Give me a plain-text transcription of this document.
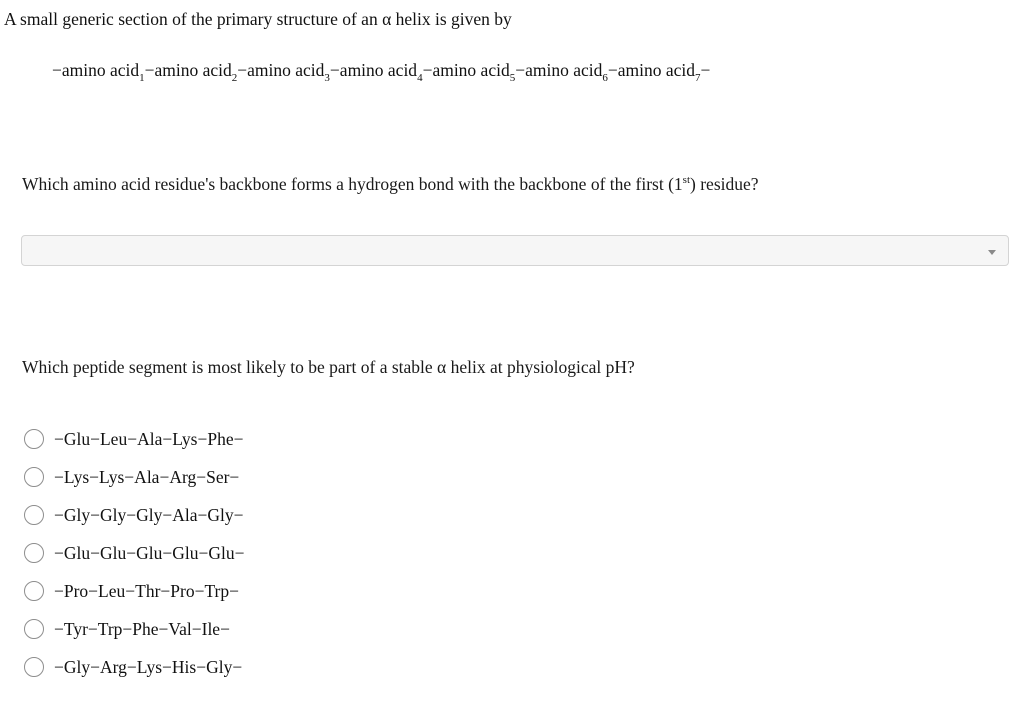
A small generic section of the primary structure of an α helix is given by
−amino acid$_1$−amino acid$_2$−amino acid$_3$−amino acid$_4$−amino acid$_5$−amino acid$_6$−amino acid$_7$−
Which amino acid residue's backbone forms a hydrogen bond with the backbone of the first (1st) residue?
Which peptide segment is most likely to be part of a stable α helix at physiological pH?
−Glu−Leu−Ala−Lys−Phe−
−Lys−Lys−Ala−Arg−Ser−
−Gly−Gly−Gly−Ala−Gly−
−Glu−Glu−Glu−Glu−Glu−
−Pro−Leu−Thr−Pro−Trp−
−Tyr−Trp−Phe−Val−Ile−
−Gly−Arg−Lys−His−Gly−
